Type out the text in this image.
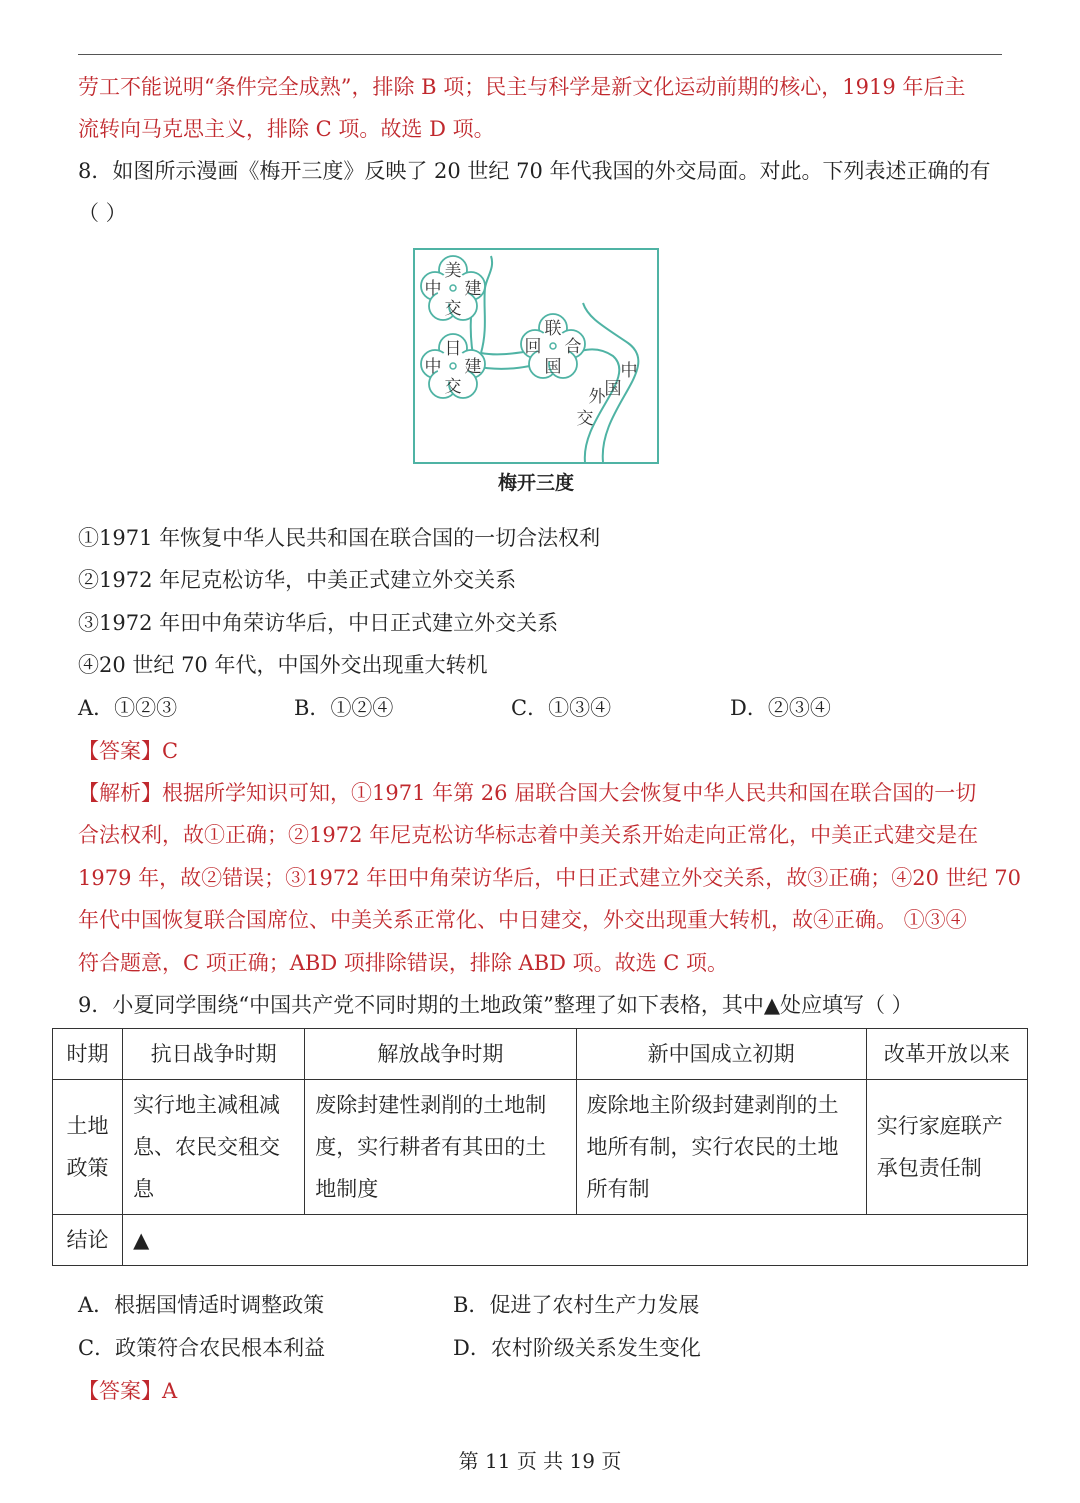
劳工不能说明“条件完全成熟”，排除 B 项；民主与科学是新文化运动前期的核心，1919 年后主
流转向马克思主义，排除 C 项。故选 D 项。
8．如图所示漫画《梅开三度》反映了 20 世纪 70 年代我国的外交局面。对此。下列表述正确的有
（ ）
美
中 建
交
日
中 建
交
联
回 合
国	中
国
外
交
梅开三度
①1971 年恢复中华人民共和国在联合国的一切合法权利
②1972 年尼克松访华，中美正式建立外交关系
③1972 年田中角荣访华后，中日正式建立外交关系
④20 世纪 70 年代，中国外交出现重大转机
A．①②③	B．①②④	C．①③④	D．②③④
【答案】C
【解析】根据所学知识可知，①1971 年第 26 届联合国大会恢复中华人民共和国在联合国的一切
合法权利，故①正确；②1972 年尼克松访华标志着中美关系开始走向正常化，中美正式建交是在
1979 年，故②错误；③1972 年田中角荣访华后，中日正式建立外交关系，故③正确；④20 世纪 70
年代中国恢复联合国席位、中美关系正常化、中日建交，外交出现重大转机，故④正确。 ①③④
符合题意，C 项正确；ABD 项排除错误，排除 ABD 项。故选 C 项。
9．小夏同学围绕“中国共产党不同时期的土地政策”整理了如下表格，其中▲处应填写（ ）
时期	抗日战争时期	解放战争时期	新中国成立初期	改革开放以来
土地政策	实行地主减租减息、农民交租交息	废除封建性剥削的土地制度，实行耕者有其田的土地制度	废除地主阶级封建剥削的土地所有制，实行农民的土地所有制	实行家庭联产承包责任制
结论	▲			
A．根据国情适时调整政策	B．促进了农村生产力发展
C．政策符合农民根本利益	D．农村阶级关系发生变化
【答案】A
第 11 页 共 19 页
